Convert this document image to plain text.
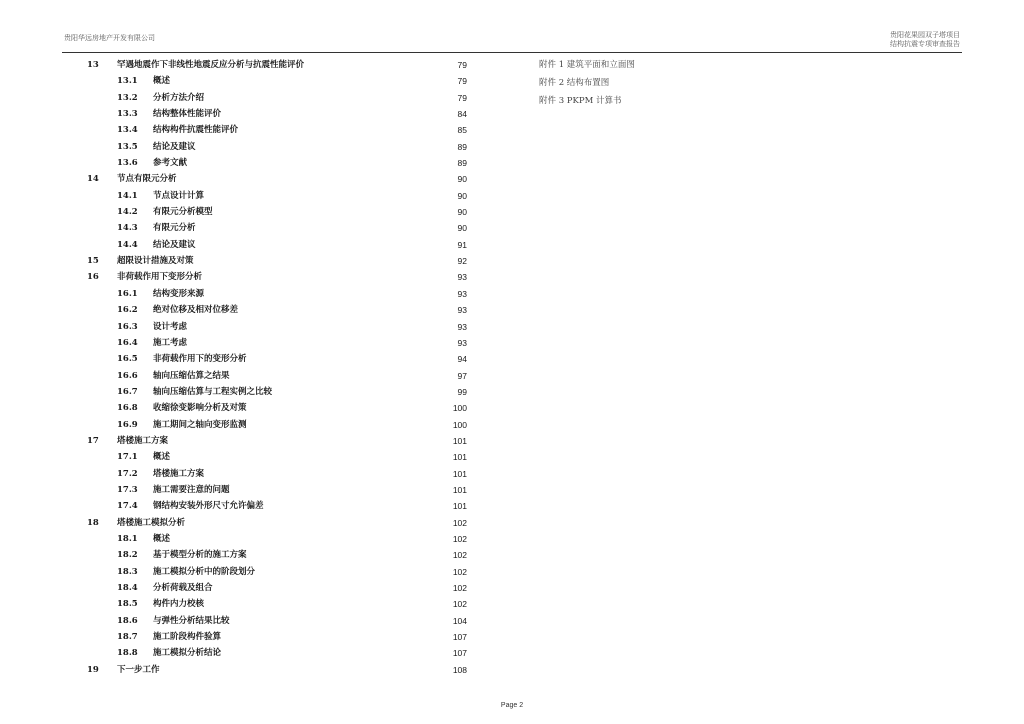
贵阳华远房地产开发有限公司	贵阳花果园双子塔项目
结构抗震专项审查报告
13 罕遇地震作下非线性地震反应分析与抗震性能评价	79
13.1 概述	79
13.2 分析方法介绍	79
13.3 结构整体性能评价	84
13.4 结构构件抗震性能评价	85
13.5 结论及建议	89
13.6 参考文献	89
14 节点有限元分析	90
14.1 节点设计计算	90
14.2 有限元分析模型	90
14.3 有限元分析	90
14.4 结论及建议	91
15 超限设计措施及对策	92
16 非荷载作用下变形分析	93
16.1 结构变形来源	93
16.2 绝对位移及相对位移差	93
16.3 设计考虑	93
16.4 施工考虑	93
16.5 非荷载作用下的变形分析	94
16.6 轴向压缩估算之结果	97
16.7 轴向压缩估算与工程实例之比较	99
16.8 收缩徐变影响分析及对策	100
16.9 施工期间之轴向变形监测	100
17 塔楼施工方案	101
17.1 概述	101
17.2 塔楼施工方案	101
17.3 施工需要注意的问题	101
17.4 钢结构安装外形尺寸允许偏差	101
18 塔楼施工模拟分析	102
18.1 概述	102
18.2 基于模型分析的施工方案	102
18.3 施工模拟分析中的阶段划分	102
18.4 分析荷载及组合	102
18.5 构件内力校核	102
18.6 与弹性分析结果比较	104
18.7 施工阶段构件验算	107
18.8 施工模拟分析结论	107
19 下一步工作	108
附件 1 建筑平面和立面图
附件 2 结构布置图
附件 3 PKPM 计算书
Page 2
